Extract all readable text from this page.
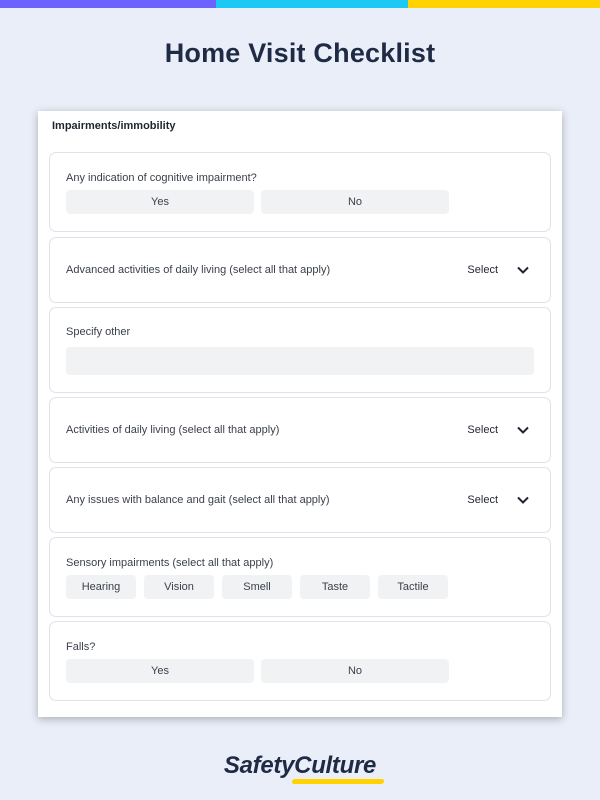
Home Visit Checklist
Impairments/immobility
Any indication of cognitive impairment?
Yes	No
Advanced activities of daily living (select all that apply)	Select
Specify other
Activities of daily living (select all that apply)	Select
Any issues with balance and gait (select all that apply)	Select
Sensory impairments (select all that apply)
Hearing	Vision	Smell	Taste	Tactile
Falls?
Yes	No
SafetyCulture
